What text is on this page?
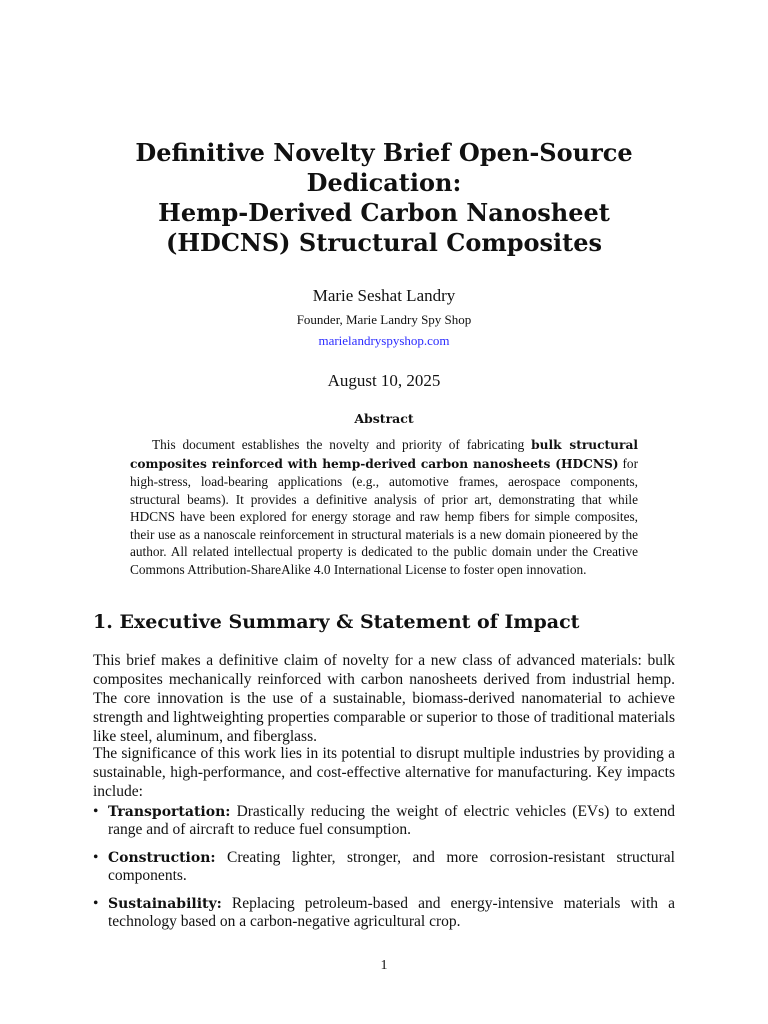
Definitive Novelty Brief Open-Source
Dedication:
Hemp-Derived Carbon Nanosheet
(HDCNS) Structural Composites
Marie Seshat Landry
Founder, Marie Landry Spy Shop
marielandryspyshop.com
August 10, 2025
Abstract

This document establishes the novelty and priority of fabricating bulk structural composites reinforced with hemp-derived carbon nanosheets (HDCNS) for high-stress, load-bearing applications (e.g., automotive frames, aerospace components, structural beams). It provides a definitive analysis of prior art, demonstrating that while HDCNS have been explored for energy storage and raw hemp fibers for simple composites, their use as a nanoscale reinforcement in structural materials is a new domain pioneered by the author. All related intellectual property is dedicated to the public domain under the Creative Commons Attribution-ShareAlike 4.0 International License to foster open innovation.

1. Executive Summary & Statement of Impact

This brief makes a definitive claim of novelty for a new class of advanced materials: bulk composites mechanically reinforced with carbon nanosheets derived from industrial hemp. The core innovation is the use of a sustainable, biomass-derived nanomaterial to achieve strength and lightweighting properties comparable or superior to those of traditional materials like steel, aluminum, and fiberglass.

The significance of this work lies in its potential to disrupt multiple industries by providing a sustainable, high-performance, and cost-effective alternative for manufacturing. Key impacts include:

• Transportation: Drastically reducing the weight of electric vehicles (EVs) to extend range and of aircraft to reduce fuel consumption.
• Construction: Creating lighter, stronger, and more corrosion-resistant structural components.
• Sustainability: Replacing petroleum-based and energy-intensive materials with a technology based on a carbon-negative agricultural crop.
1
